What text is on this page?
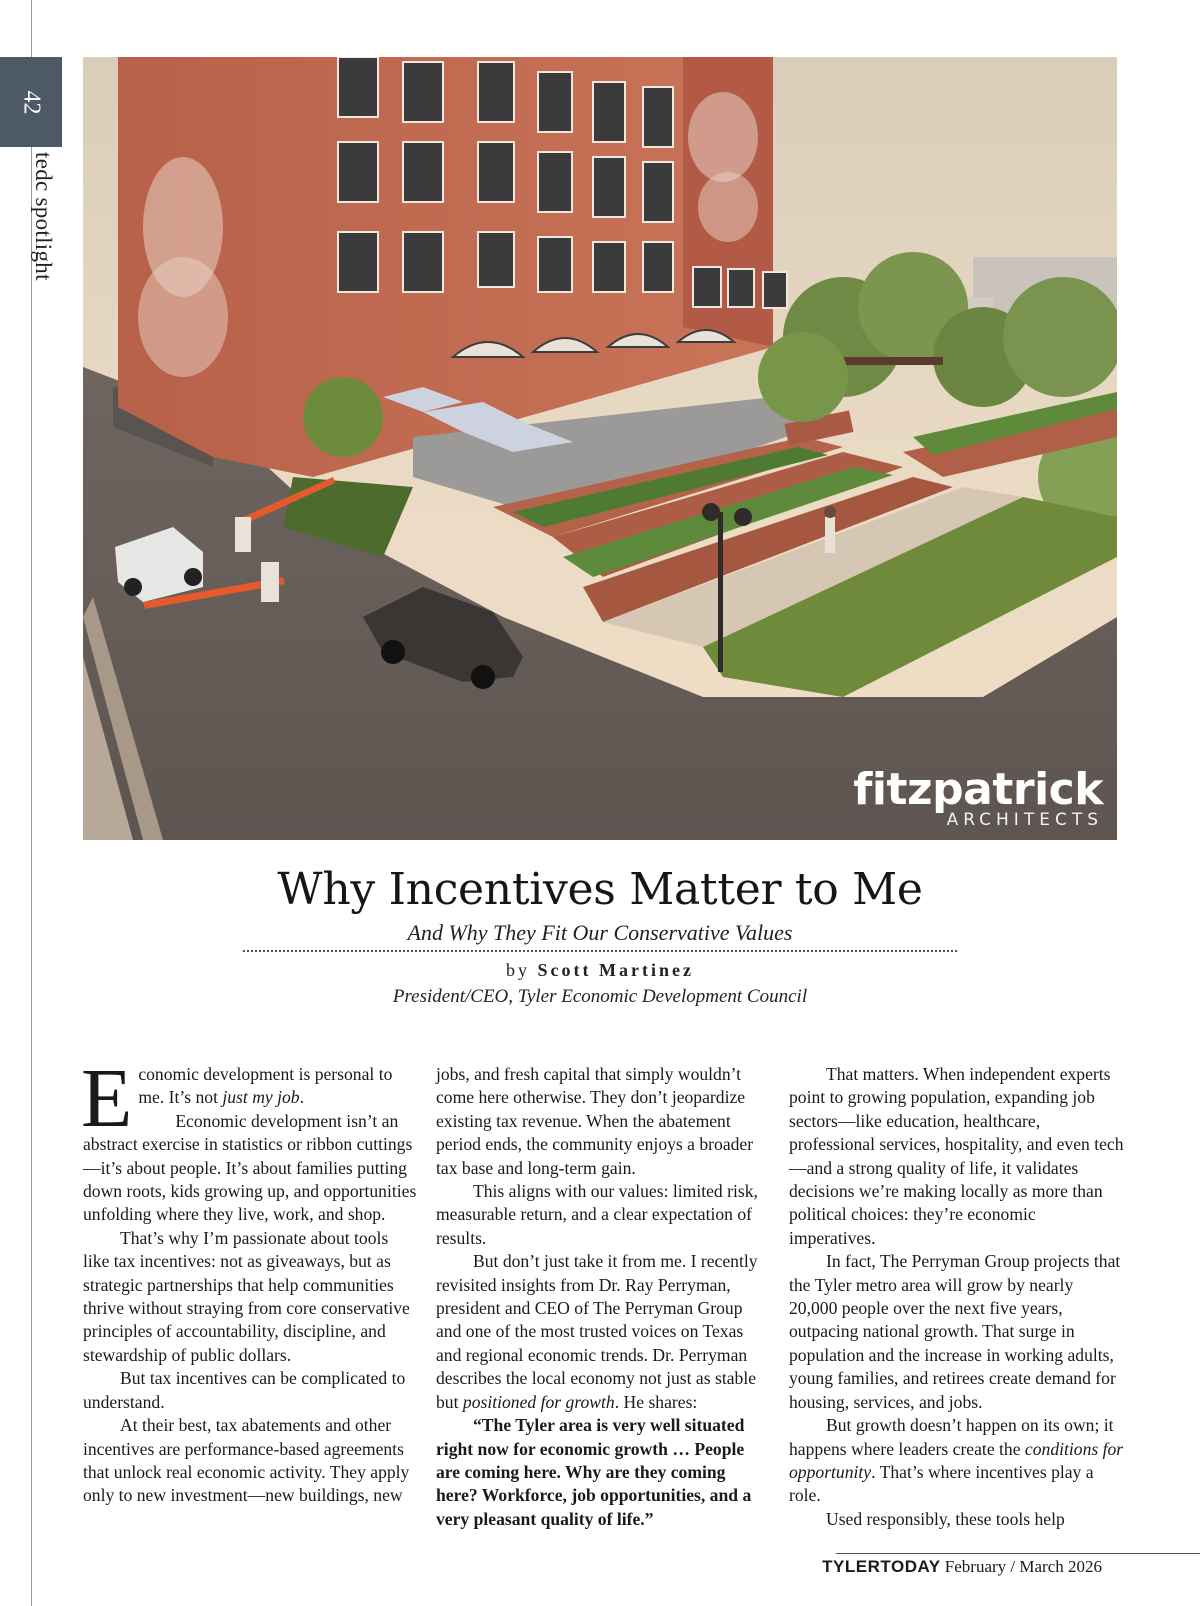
42
tedc spotlight
fitzpatrick
ARCHITECTS
Why Incentives Matter to Me
And Why They Fit Our Conservative Values
by Scott Martinez
President/CEO, Tyler Economic Development Council

Economic development is personal to me. It’s not just my job.

Economic development isn’t an abstract exercise in statistics or ribbon cuttings—it’s about people. It’s about families putting down roots, kids growing up, and opportunities unfolding where they live, work, and shop.

That’s why I’m passionate about tools like tax incentives: not as giveaways, but as strategic partnerships that help communities thrive without straying from core conservative principles of accountability, discipline, and stewardship of public dollars.

But tax incentives can be complicated to understand.

At their best, tax abatements and other incentives are performance-based agreements that unlock real economic activity. They apply only to new investment—new buildings, new

jobs, and fresh capital that simply wouldn’t come here otherwise. They don’t jeopardize existing tax revenue. When the abatement period ends, the community enjoys a broader tax base and long-term gain.

This aligns with our values: limited risk, measurable return, and a clear expectation of results.

But don’t just take it from me. I recently revisited insights from Dr. Ray Perryman, president and CEO of The Perryman Group and one of the most trusted voices on Texas and regional economic trends. Dr. Perryman describes the local economy not just as stable but positioned for growth. He shares:

“The Tyler area is very well situated right now for economic growth … People are coming here. Why are they coming here? Workforce, job opportunities, and a very pleasant quality of life.”

That matters. When independent experts point to growing population, expanding job sectors—like education, healthcare, professional services, hospitality, and even tech—and a strong quality of life, it validates decisions we’re making locally as more than political choices: they’re economic imperatives.

In fact, The Perryman Group projects that the Tyler metro area will grow by nearly 20,000 people over the next five years, outpacing national growth. That surge in population and the increase in working adults, young families, and retirees create demand for housing, services, and jobs.

But growth doesn’t happen on its own; it happens where leaders create the conditions for opportunity. That’s where incentives play a role.

Used responsibly, these tools help

TYLERTODAY February / March 2026
